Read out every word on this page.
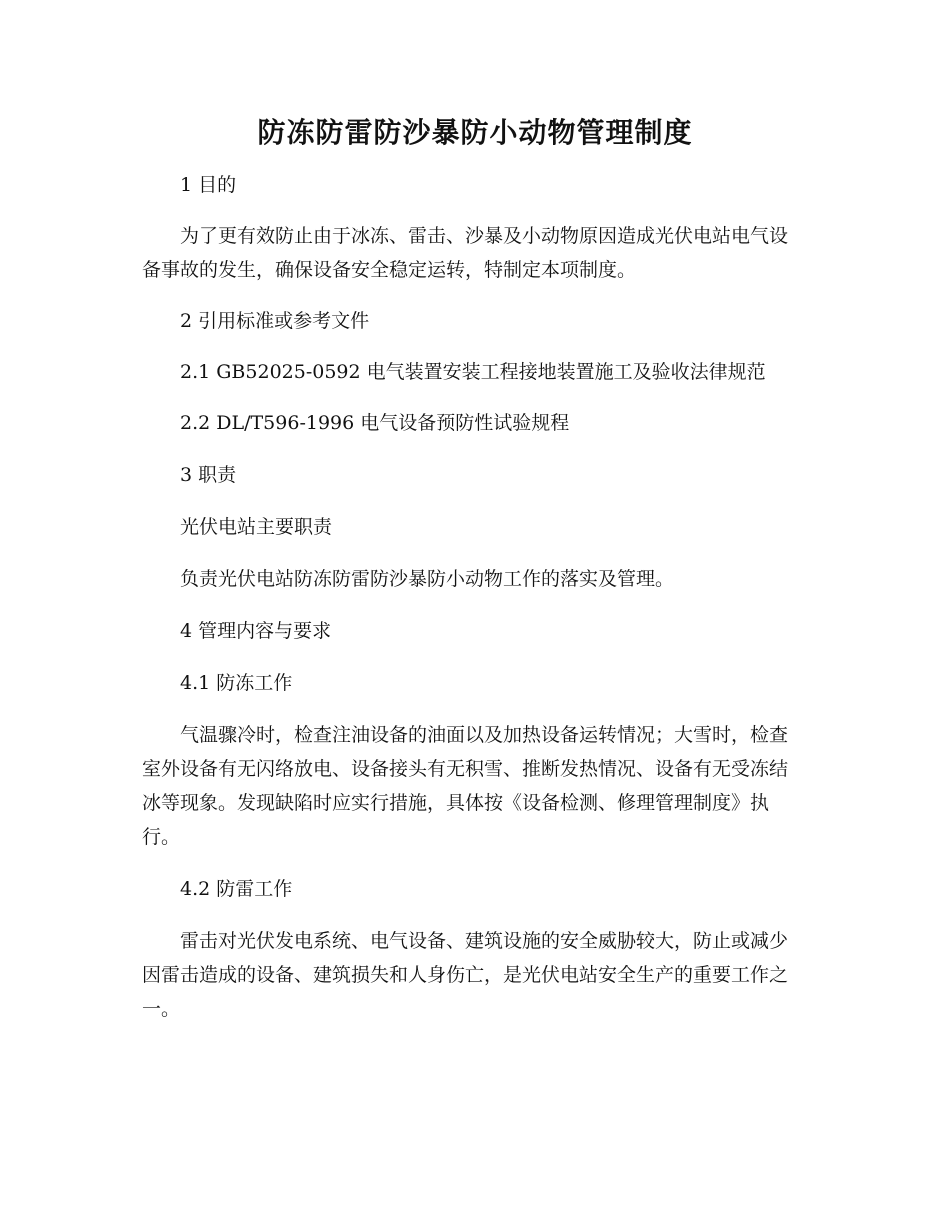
防冻防雷防沙暴防小动物管理制度

1 目的

为了更有效防止由于冰冻、雷击、沙暴及小动物原因造成光伏电站电气设备事故的发生，确保设备安全稳定运转，特制定本项制度。

2 引用标准或参考文件

2.1 GB52025-0592 电气装置安装工程接地装置施工及验收法律规范

2.2 DL/T596-1996 电气设备预防性试验规程

3 职责

光伏电站主要职责

负责光伏电站防冻防雷防沙暴防小动物工作的落实及管理。

4 管理内容与要求

4.1 防冻工作

气温骤冷时，检查注油设备的油面以及加热设备运转情况；大雪时，检查室外设备有无闪络放电、设备接头有无积雪、推断发热情况、设备有无受冻结冰等现象。发现缺陷时应实行措施，具体按《设备检测、修理管理制度》执行。

4.2 防雷工作

雷击对光伏发电系统、电气设备、建筑设施的安全威胁较大，防止或减少因雷击造成的设备、建筑损失和人身伤亡，是光伏电站安全生产的重要工作之一。
